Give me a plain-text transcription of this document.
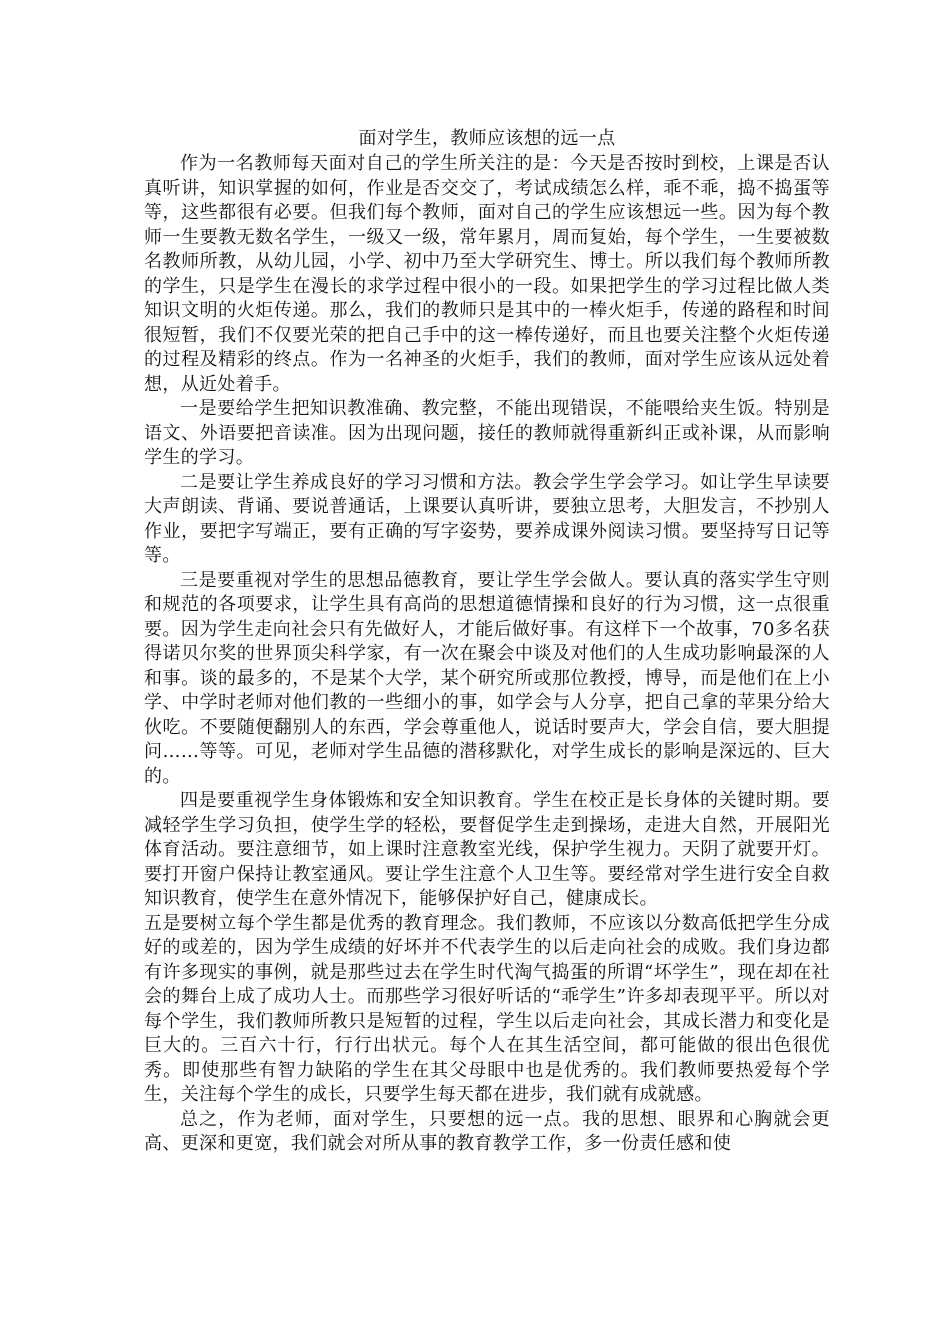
面对学生，教师应该想的远一点

作为一名教师每天面对自己的学生所关注的是：今天是否按时到校，上课是否认真听讲，知识掌握的如何，作业是否交交了，考试成绩怎么样，乖不乖，捣不捣蛋等等，这些都很有必要。但我们每个教师，面对自己的学生应该想远一些。因为每个教师一生要教无数名学生，一级又一级，常年累月，周而复始，每个学生，一生要被数名教师所教，从幼儿园，小学、初中乃至大学研究生、博士。所以我们每个教师所教的学生，只是学生在漫长的求学过程中很小的一段。如果把学生的学习过程比做人类知识文明的火炬传递。那么，我们的教师只是其中的一棒火炬手，传递的路程和时间很短暂，我们不仅要光荣的把自己手中的这一棒传递好，而且也要关注整个火炬传递的过程及精彩的终点。作为一名神圣的火炬手，我们的教师，面对学生应该从远处着想，从近处着手。

一是要给学生把知识教准确、教完整，不能出现错误，不能喂给夹生饭。特别是语文、外语要把音读准。因为出现问题，接任的教师就得重新纠正或补课，从而影响学生的学习。

二是要让学生养成良好的学习习惯和方法。教会学生学会学习。如让学生早读要大声朗读、背诵、要说普通话，上课要认真听讲，要独立思考，大胆发言，不抄别人作业，要把字写端正，要有正确的写字姿势，要养成课外阅读习惯。要坚持写日记等等。

三是要重视对学生的思想品德教育，要让学生学会做人。要认真的落实学生守则和规范的各项要求，让学生具有高尚的思想道德情操和良好的行为习惯，这一点很重要。因为学生走向社会只有先做好人，才能后做好事。有这样下一个故事，70多名获得诺贝尔奖的世界顶尖科学家，有一次在聚会中谈及对他们的人生成功影响最深的人和事。谈的最多的，不是某个大学，某个研究所或那位教授，博导，而是他们在上小学、中学时老师对他们教的一些细小的事，如学会与人分享，把自己拿的苹果分给大伙吃。不要随便翻别人的东西，学会尊重他人，说话时要声大，学会自信，要大胆提问……等等。可见，老师对学生品德的潜移默化，对学生成长的影响是深远的、巨大的。

四是要重视学生身体锻炼和安全知识教育。学生在校正是长身体的关键时期。要减轻学生学习负担，使学生学的轻松，要督促学生走到操场，走进大自然，开展阳光体育活动。要注意细节，如上课时注意教室光线，保护学生视力。天阴了就要开灯。要打开窗户保持让教室通风。要让学生注意个人卫生等。要经常对学生进行安全自救知识教育，使学生在意外情况下，能够保护好自己，健康成长。

五是要树立每个学生都是优秀的教育理念。我们教师，不应该以分数高低把学生分成好的或差的，因为学生成绩的好坏并不代表学生的以后走向社会的成败。我们身边都有许多现实的事例，就是那些过去在学生时代淘气捣蛋的所谓“坏学生”，现在却在社会的舞台上成了成功人士。而那些学习很好听话的“乖学生”许多却表现平平。所以对每个学生，我们教师所教只是短暂的过程，学生以后走向社会，其成长潜力和变化是巨大的。三百六十行，行行出状元。每个人在其生活空间，都可能做的很出色很优秀。即使那些有智力缺陷的学生在其父母眼中也是优秀的。我们教师要热爱每个学生，关注每个学生的成长，只要学生每天都在进步，我们就有成就感。

总之，作为老师，面对学生，只要想的远一点。我的思想、眼界和心胸就会更高、更深和更宽，我们就会对所从事的教育教学工作，多一份责任感和使
